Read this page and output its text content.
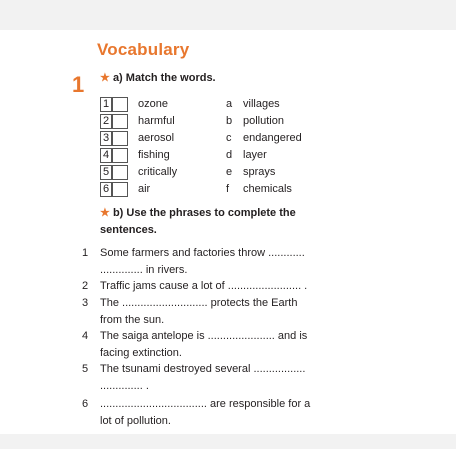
Vocabulary
1 ★ a) Match the words.
1	ozone	a villages
2	harmful	b pollution
3	aerosol	c endangered
4	fishing	d layer
5	critically	e sprays
6	air	f chemicals
★ b) Use the phrases to complete the sentences.
1	Some farmers and factories throw ............ .............. in rivers.
2	Traffic jams cause a lot of ........................ .
3	The ............................ protects the Earth from the sun.
4	The saiga antelope is ...................... and is facing extinction.
5	The tsunami destroyed several ................. .............. .
6	................................... are responsible for a lot of pollution.
